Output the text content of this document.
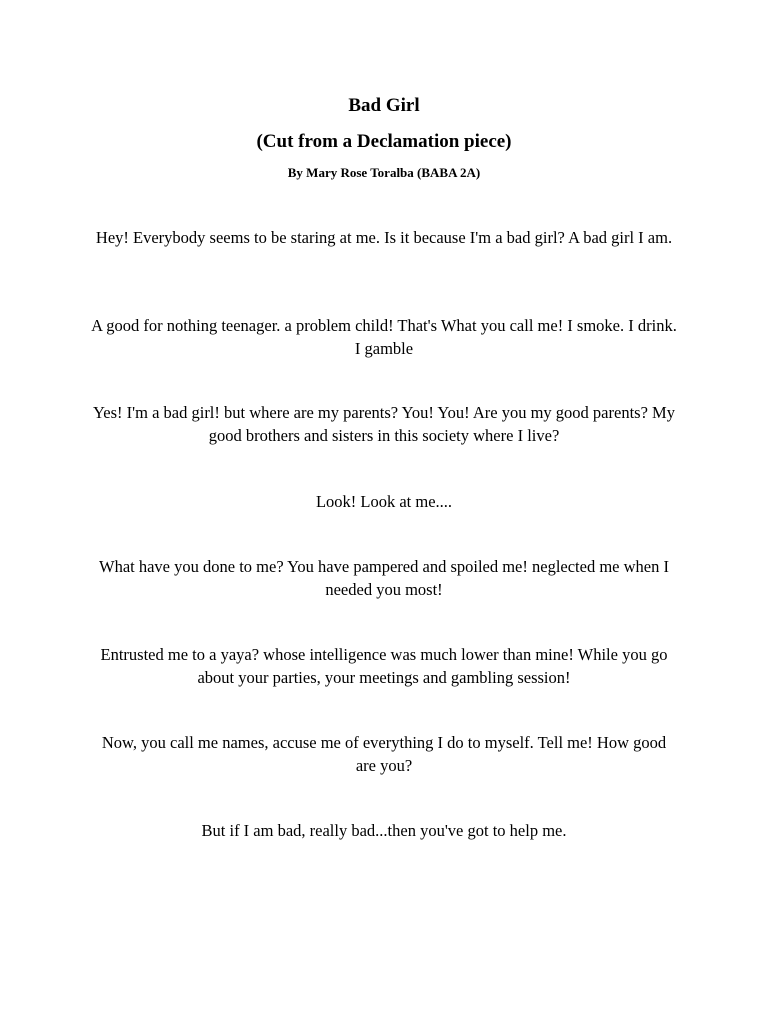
Bad Girl
(Cut from a Declamation piece)
By Mary Rose Toralba (BABA 2A)

Hey! Everybody seems to be staring at me. Is it because I'm a bad girl? A bad girl I am.

A good for nothing teenager. a problem child! That's What you call me! I smoke. I drink. I gamble

Yes! I'm a bad girl! but where are my parents? You! You! Are you my good parents? My good brothers and sisters in this society where I live?

Look! Look at me....

What have you done to me? You have pampered and spoiled me! neglected me when I needed you most!

Entrusted me to a yaya? whose intelligence was much lower than mine! While you go about your parties, your meetings and gambling session!

Now, you call me names, accuse me of everything I do to myself. Tell me! How good are you?

But if I am bad, really bad...then you've got to help me.
